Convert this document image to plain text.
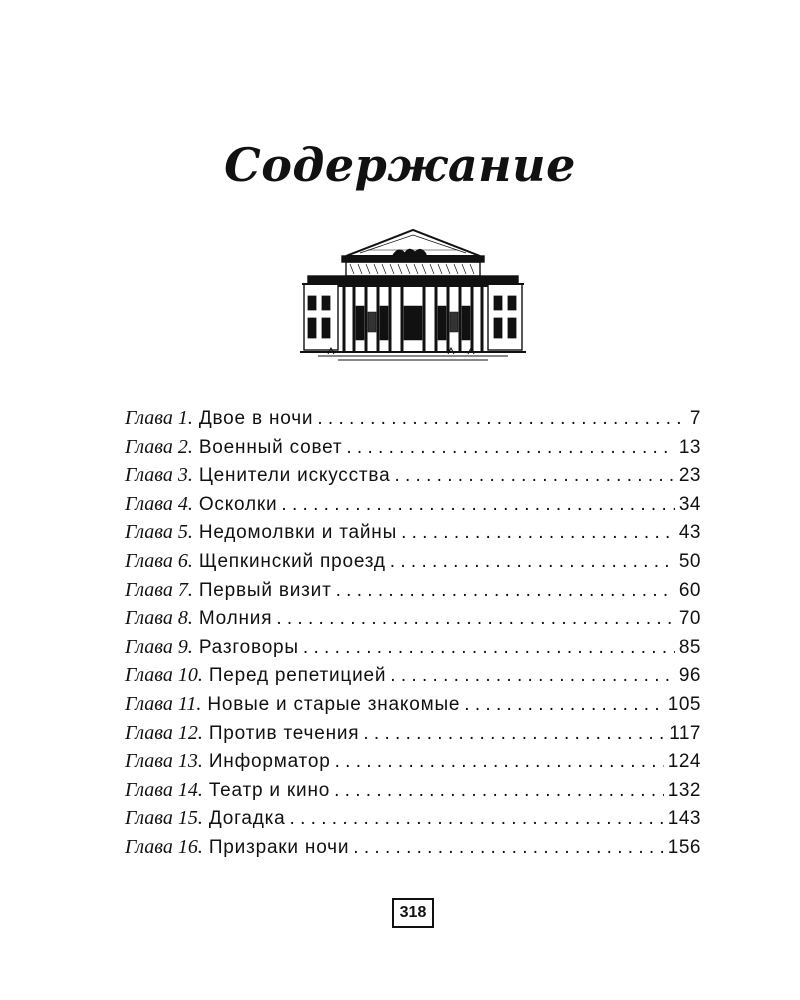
Содержание
Глава 1. Двое в ночи . . .	7
Глава 2. Военный совет . . .	13
Глава 3. Ценители искусства . . .	23
Глава 4. Осколки . . .	34
Глава 5. Недомолвки и тайны . . .	43
Глава 6. Щепкинский проезд . . .	50
Глава 7. Первый визит . . .	60
Глава 8. Молния . . .	70
Глава 9. Разговоры . . .	85
Глава 10. Перед репетицией . . .	96
Глава 11. Новые и старые знакомые . . .	105
Глава 12. Против течения . . .	117
Глава 13. Информатор . . .	124
Глава 14. Театр и кино . . .	132
Глава 15. Догадка . . .	143
Глава 16. Призраки ночи . . .	156
318
